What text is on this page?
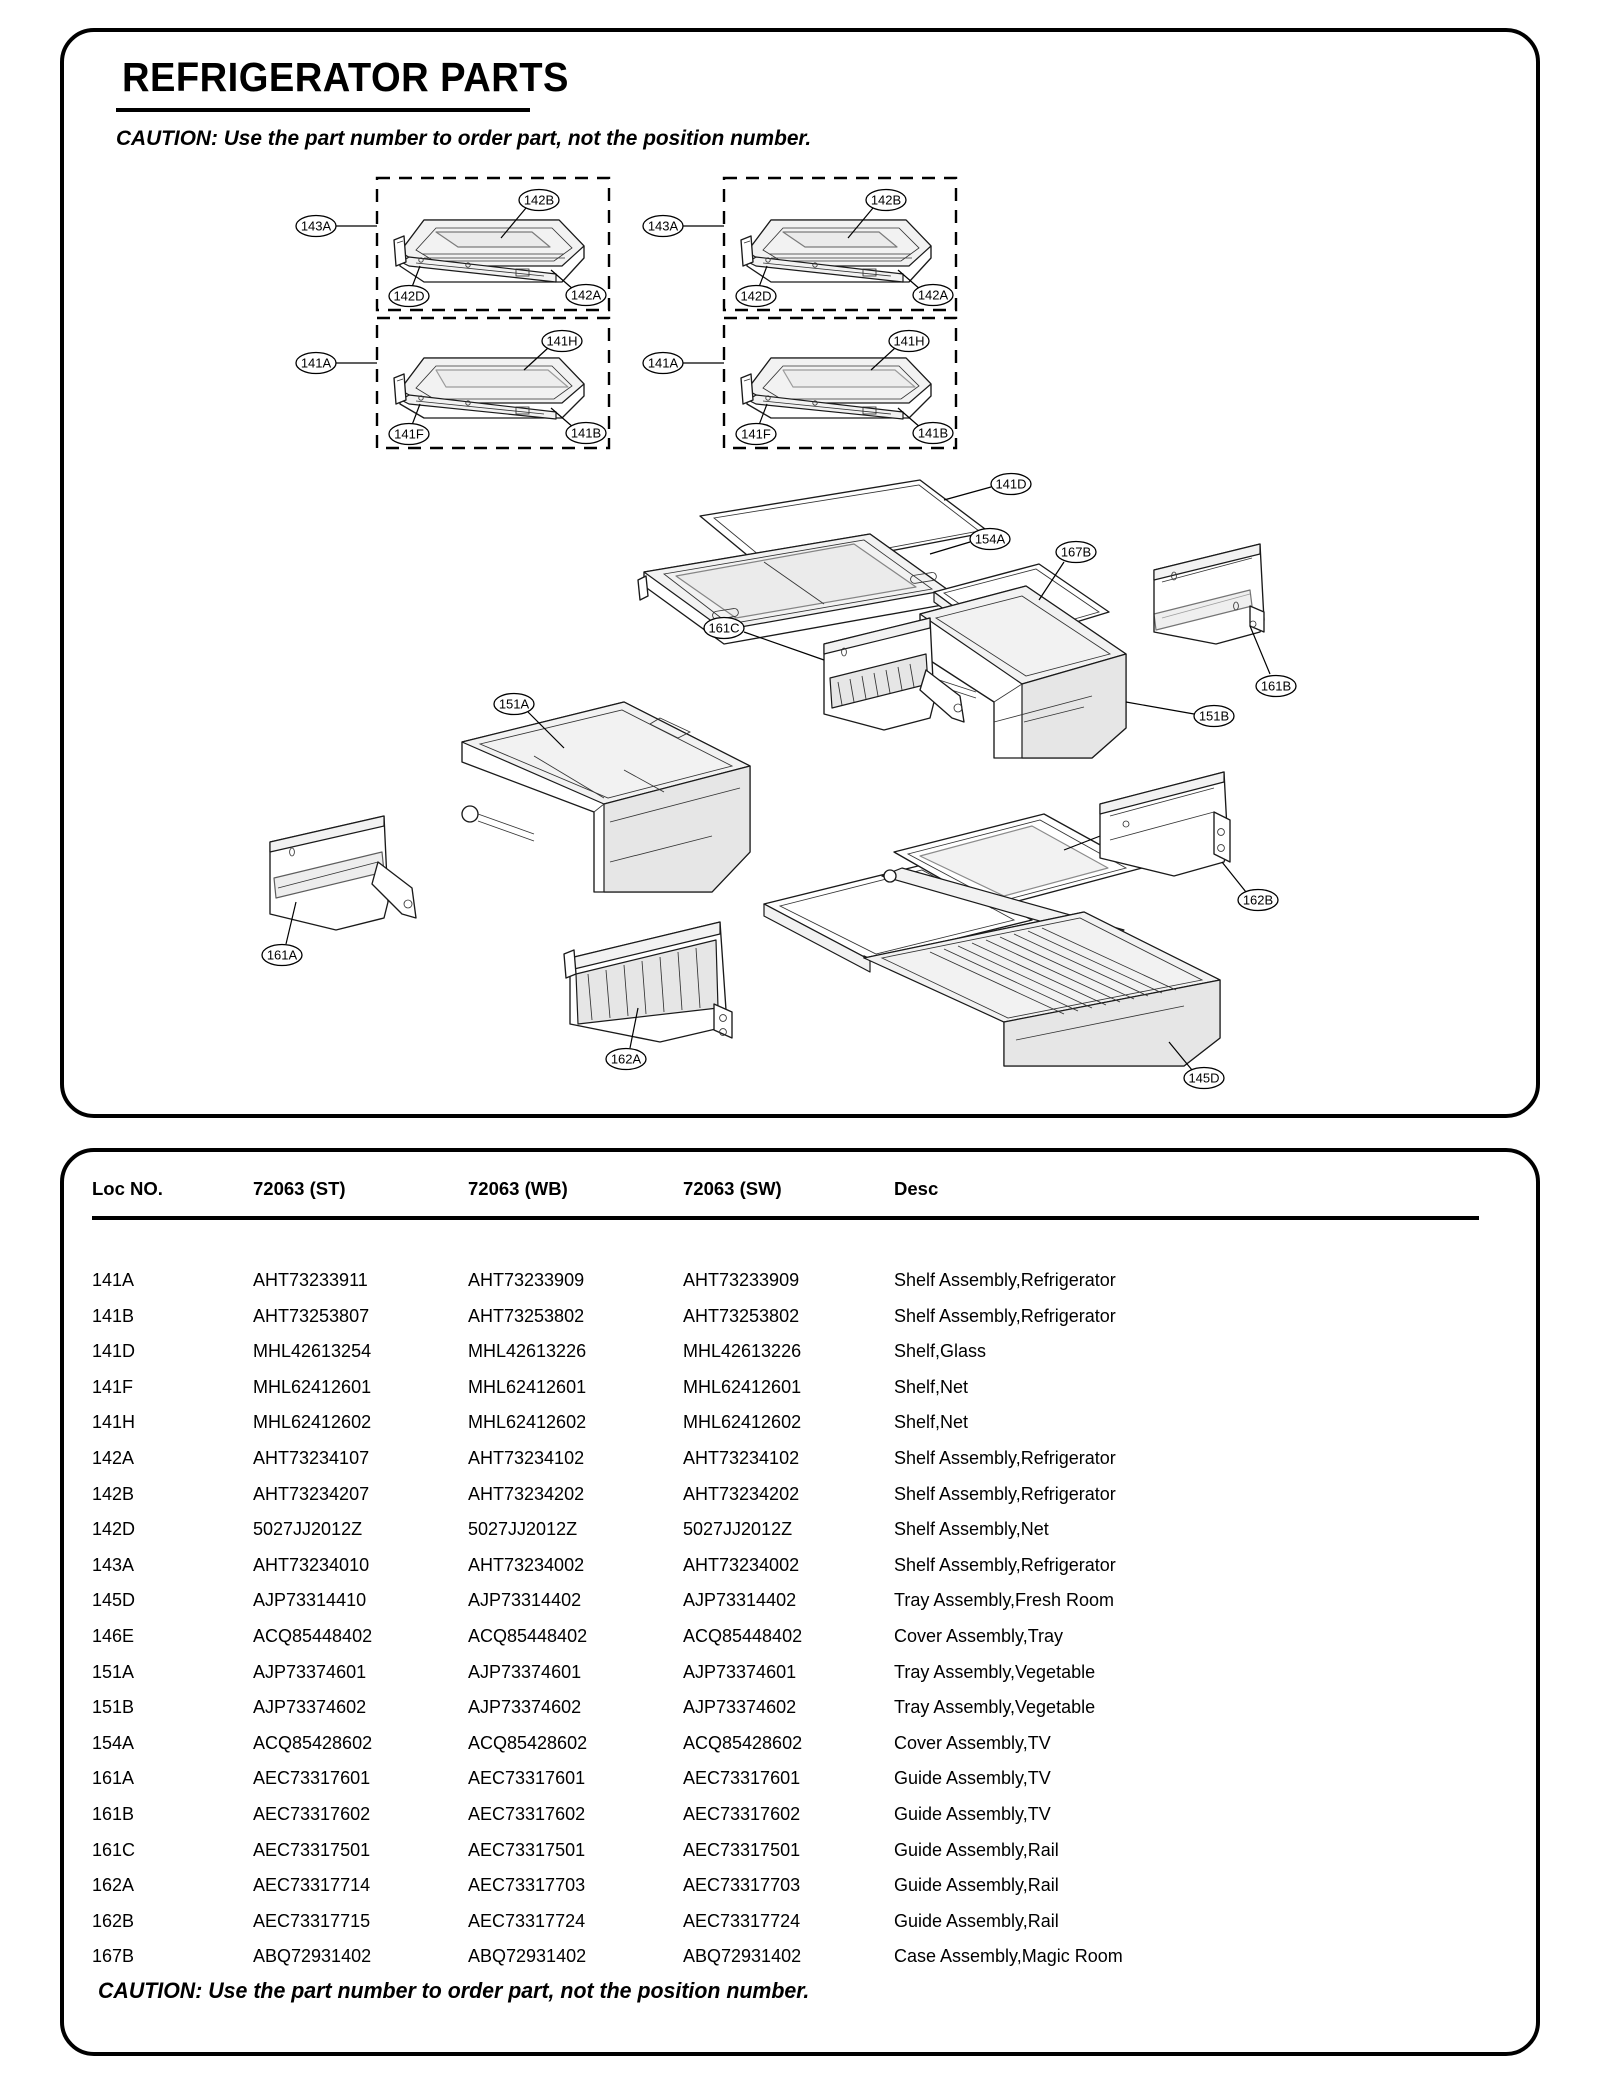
REFRIGERATOR PARTS
CAUTION: Use the part number to order part, not the position number.
143A
142B
142D	142A
143A
142B
142D	142A
141A
141H
141F	141B
141A
141H
141F	141B
141D
154A
167B
161B
151B
161C
151A
161A
162B
162A
145D
Loc NO.	72063 (ST)	72063 (WB)	72063 (SW)	Desc
141A	AHT73233911	AHT73233909	AHT73233909	Shelf Assembly,Refrigerator
141B	AHT73253807	AHT73253802	AHT73253802	Shelf Assembly,Refrigerator
141D	MHL42613254	MHL42613226	MHL42613226	Shelf,Glass
141F	MHL62412601	MHL62412601	MHL62412601	Shelf,Net
141H	MHL62412602	MHL62412602	MHL62412602	Shelf,Net
142A	AHT73234107	AHT73234102	AHT73234102	Shelf Assembly,Refrigerator
142B	AHT73234207	AHT73234202	AHT73234202	Shelf Assembly,Refrigerator
142D	5027JJ2012Z	5027JJ2012Z	5027JJ2012Z	Shelf Assembly,Net
143A	AHT73234010	AHT73234002	AHT73234002	Shelf Assembly,Refrigerator
145D	AJP73314410	AJP73314402	AJP73314402	Tray Assembly,Fresh Room
146E	ACQ85448402	ACQ85448402	ACQ85448402	Cover Assembly,Tray
151A	AJP73374601	AJP73374601	AJP73374601	Tray Assembly,Vegetable
151B	AJP73374602	AJP73374602	AJP73374602	Tray Assembly,Vegetable
154A	ACQ85428602	ACQ85428602	ACQ85428602	Cover Assembly,TV
161A	AEC73317601	AEC73317601	AEC73317601	Guide Assembly,TV
161B	AEC73317602	AEC73317602	AEC73317602	Guide Assembly,TV
161C	AEC73317501	AEC73317501	AEC73317501	Guide Assembly,Rail
162A	AEC73317714	AEC73317703	AEC73317703	Guide Assembly,Rail
162B	AEC73317715	AEC73317724	AEC73317724	Guide Assembly,Rail
167B	ABQ72931402	ABQ72931402	ABQ72931402	Case Assembly,Magic Room
CAUTION: Use the part number to order part, not the position number.
